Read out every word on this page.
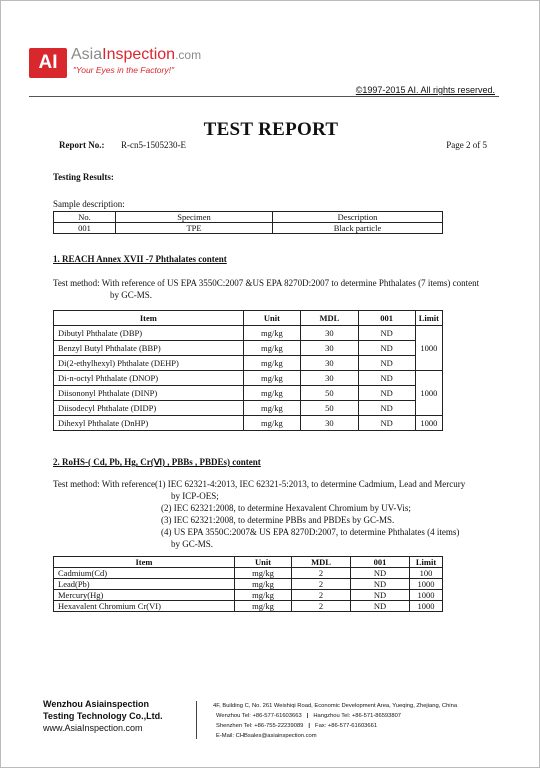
AI AsiaInspection.com
"Your Eyes in the Factory!"
©1997-2015 AI. All rights reserved.
TEST REPORT
Report No.: R-cn5-1505230-E	Page 2 of 5
Testing Results:
Sample description:
No.	Specimen	Description
001	TPE	Black particle
1. REACH Annex XVII -7 Phthalates content
Test method: With reference of US EPA 3550C:2007 &US EPA 8270D:2007 to determine Phthalates (7 items) content
by GC-MS.
Item	Unit	MDL	001	Limit
Dibutyl Phthalate (DBP)	mg/kg	30	ND	1000
Benzyl Butyl Phthalate (BBP)	mg/kg	30	ND	
Di(2-ethylhexyl) Phthalate (DEHP)	mg/kg	30	ND	
Di-n-octyl Phthalate (DNOP)	mg/kg	30	ND	1000
Diisononyl Phthalate (DINP)	mg/kg	50	ND	
Diisodecyl Phthalate (DIDP)	mg/kg	50	ND	
Dihexyl Phthalate (DnHP)	mg/kg	30	ND	1000
2. RoHS-( Cd, Pb, Hg, Cr(Ⅵ) , PBBs , PBDEs) content
Test method: With reference(1) IEC 62321-4:2013, IEC 62321-5:2013, to determine Cadmium, Lead and Mercury
by ICP-OES;
(2) IEC 62321:2008, to determine Hexavalent Chromium by UV-Vis;
(3) IEC 62321:2008, to determine PBBs and PBDEs by GC-MS.
(4) US EPA 3550C:2007& US EPA 8270D:2007, to determine Phthalates (4 items)
by GC-MS.
Item	Unit	MDL	001	Limit
Cadmium(Cd)	mg/kg	2	ND	100
Lead(Pb)	mg/kg	2	ND	1000
Mercury(Hg)	mg/kg	2	ND	1000
Hexavalent Chromium Cr(VI)	mg/kg	2	ND	1000
Wenzhou Asiainspection
Testing Technology Co.,Ltd.
www.AsiaInspection.com
4F, Building C, No. 261 Weishiqi Road, Economic Development Area, Yueqing, Zhejiang, China
Wenzhou Tel: +86-577-61603663 | Hangzhou Tel: +86-571-86593807
Shenzhen Tel: +86-755-22239089 | Fax: +86-577-61603661
E-Mail: CHBsales@asiainspection.com
